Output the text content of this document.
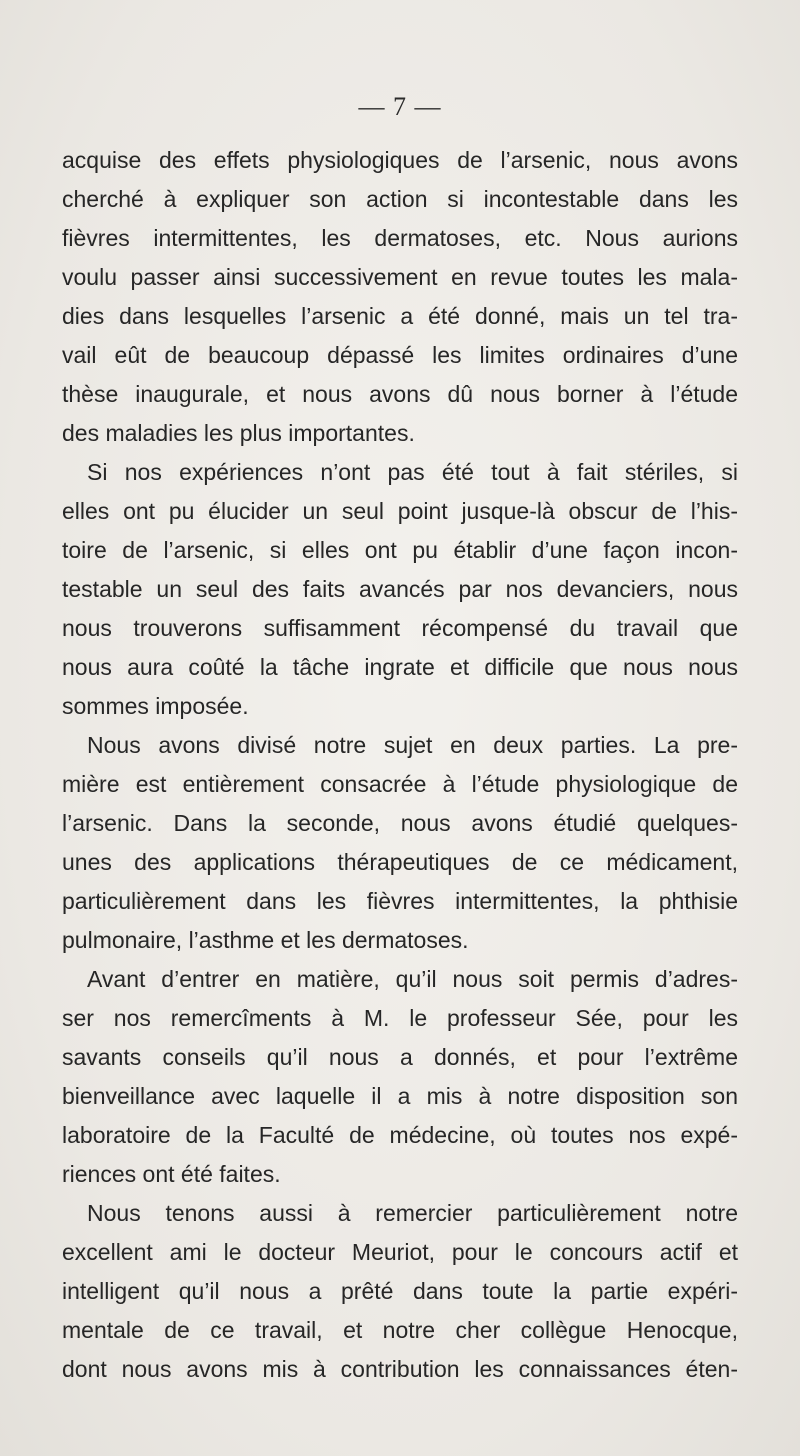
— 7 —
acquise des effets physiologiques de l’arsenic, nous avons
cherché à expliquer son action si incontestable dans les
fièvres intermittentes, les dermatoses, etc. Nous aurions
voulu passer ainsi successivement en revue toutes les mala-
dies dans lesquelles l’arsenic a été donné, mais un tel tra-
vail eût de beaucoup dépassé les limites ordinaires d’une
thèse inaugurale, et nous avons dû nous borner à l’étude
des maladies les plus importantes.
Si nos expériences n’ont pas été tout à fait stériles, si
elles ont pu élucider un seul point jusque-là obscur de l’his-
toire de l’arsenic, si elles ont pu établir d’une façon incon-
testable un seul des faits avancés par nos devanciers, nous
nous trouverons suffisamment récompensé du travail que
nous aura coûté la tâche ingrate et difficile que nous nous
sommes imposée.
Nous avons divisé notre sujet en deux parties. La pre-
mière est entièrement consacrée à l’étude physiologique de
l’arsenic. Dans la seconde, nous avons étudié quelques-
unes des applications thérapeutiques de ce médicament,
particulièrement dans les fièvres intermittentes, la phthisie
pulmonaire, l’asthme et les dermatoses.
Avant d’entrer en matière, qu’il nous soit permis d’adres-
ser nos remercîments à M. le professeur Sée, pour les
savants conseils qu’il nous a donnés, et pour l’extrême
bienveillance avec laquelle il a mis à notre disposition son
laboratoire de la Faculté de médecine, où toutes nos expé-
riences ont été faites.
Nous tenons aussi à remercier particulièrement notre
excellent ami le docteur Meuriot, pour le concours actif et
intelligent qu’il nous a prêté dans toute la partie expéri-
mentale de ce travail, et notre cher collègue Henocque,
dont nous avons mis à contribution les connaissances éten-
